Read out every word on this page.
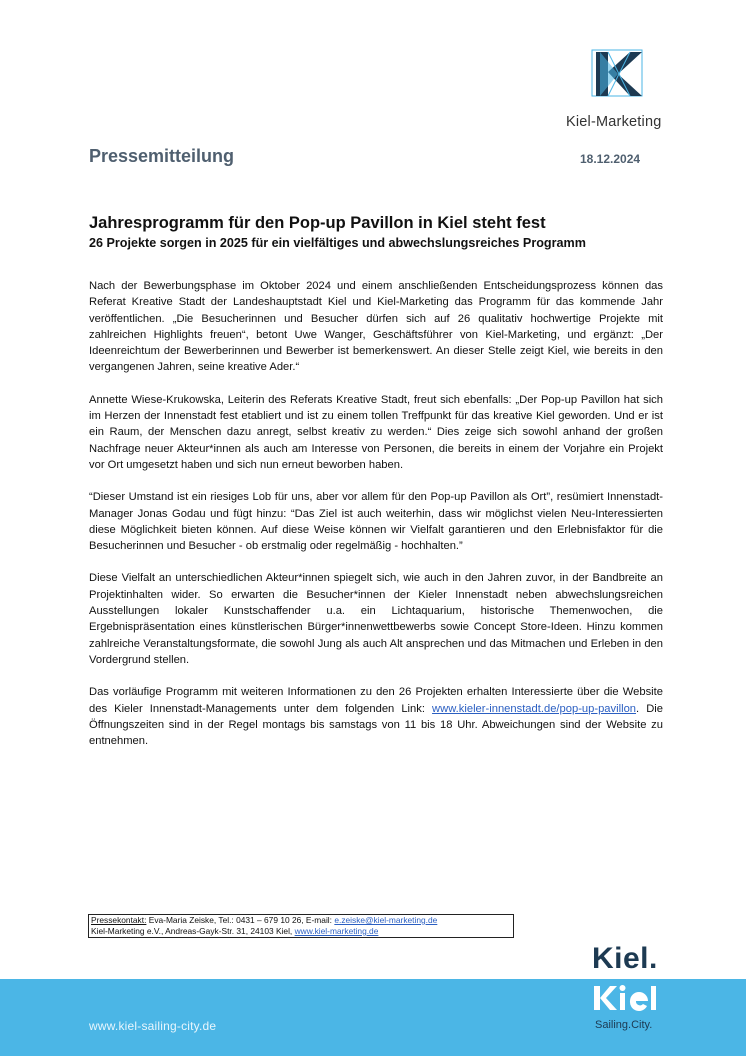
Kiel-Marketing
Pressemitteilung	18.12.2024
Jahresprogramm für den Pop-up Pavillon in Kiel steht fest
26 Projekte sorgen in 2025 für ein vielfältiges und abwechslungsreiches Programm

Nach der Bewerbungsphase im Oktober 2024 und einem anschließenden Entscheidungsprozess können das Referat Kreative Stadt der Landeshauptstadt Kiel und Kiel-Marketing das Programm für das kommende Jahr veröffentlichen. „Die Besucherinnen und Besucher dürfen sich auf 26 qualitativ hochwertige Projekte mit zahlreichen Highlights freuen“, betont Uwe Wanger, Geschäftsführer von Kiel-Marketing, und ergänzt: „Der Ideenreichtum der Bewerberinnen und Bewerber ist bemerkenswert. An dieser Stelle zeigt Kiel, wie bereits in den vergangenen Jahren, seine kreative Ader.“

Annette Wiese-Krukowska, Leiterin des Referats Kreative Stadt, freut sich ebenfalls: „Der Pop-up Pavillon hat sich im Herzen der Innenstadt fest etabliert und ist zu einem tollen Treffpunkt für das kreative Kiel geworden. Und er ist ein Raum, der Menschen dazu anregt, selbst kreativ zu werden.“ Dies zeige sich sowohl anhand der großen Nachfrage neuer Akteur*innen als auch am Interesse von Personen, die bereits in einem der Vorjahre ein Projekt vor Ort umgesetzt haben und sich nun erneut beworben haben.

“Dieser Umstand ist ein riesiges Lob für uns, aber vor allem für den Pop-up Pavillon als Ort”, resümiert Innenstadt-Manager Jonas Godau und fügt hinzu: “Das Ziel ist auch weiterhin, dass wir möglichst vielen Neu-Interessierten diese Möglichkeit bieten können. Auf diese Weise können wir Vielfalt garantieren und den Erlebnisfaktor für die Besucherinnen und Besucher - ob erstmalig oder regelmäßig - hochhalten.”

Diese Vielfalt an unterschiedlichen Akteur*innen spiegelt sich, wie auch in den Jahren zuvor, in der Bandbreite an Projektinhalten wider. So erwarten die Besucher*innen der Kieler Innenstadt neben abwechslungsreichen Ausstellungen lokaler Kunstschaffender u.a. ein Lichtaquarium, historische Themenwochen, die Ergebnispräsentation eines künstlerischen Bürger*innenwettbewerbs sowie Concept Store-Ideen. Hinzu kommen zahlreiche Veranstaltungsformate, die sowohl Jung als auch Alt ansprechen und das Mitmachen und Erleben in den Vordergrund stellen.

Das vorläufige Programm mit weiteren Informationen zu den 26 Projekten erhalten Interessierte über die Website des Kieler Innenstadt-Managements unter dem folgenden Link: www.kieler-innenstadt.de/pop-up-pavillon. Die Öffnungszeiten sind in der Regel montags bis samstags von 11 bis 18 Uhr. Abweichungen sind der Website zu entnehmen.

Pressekontakt: Eva-Maria Zeiske, Tel.: 0431 – 679 10 26, E-mail: e.zeiske@kiel-marketing.de
Kiel-Marketing e.V., Andreas-Gayk-Str. 31, 24103 Kiel, www.kiel-marketing.de
www.kiel-sailing-city.de
Kiel.
Sailing.City.
